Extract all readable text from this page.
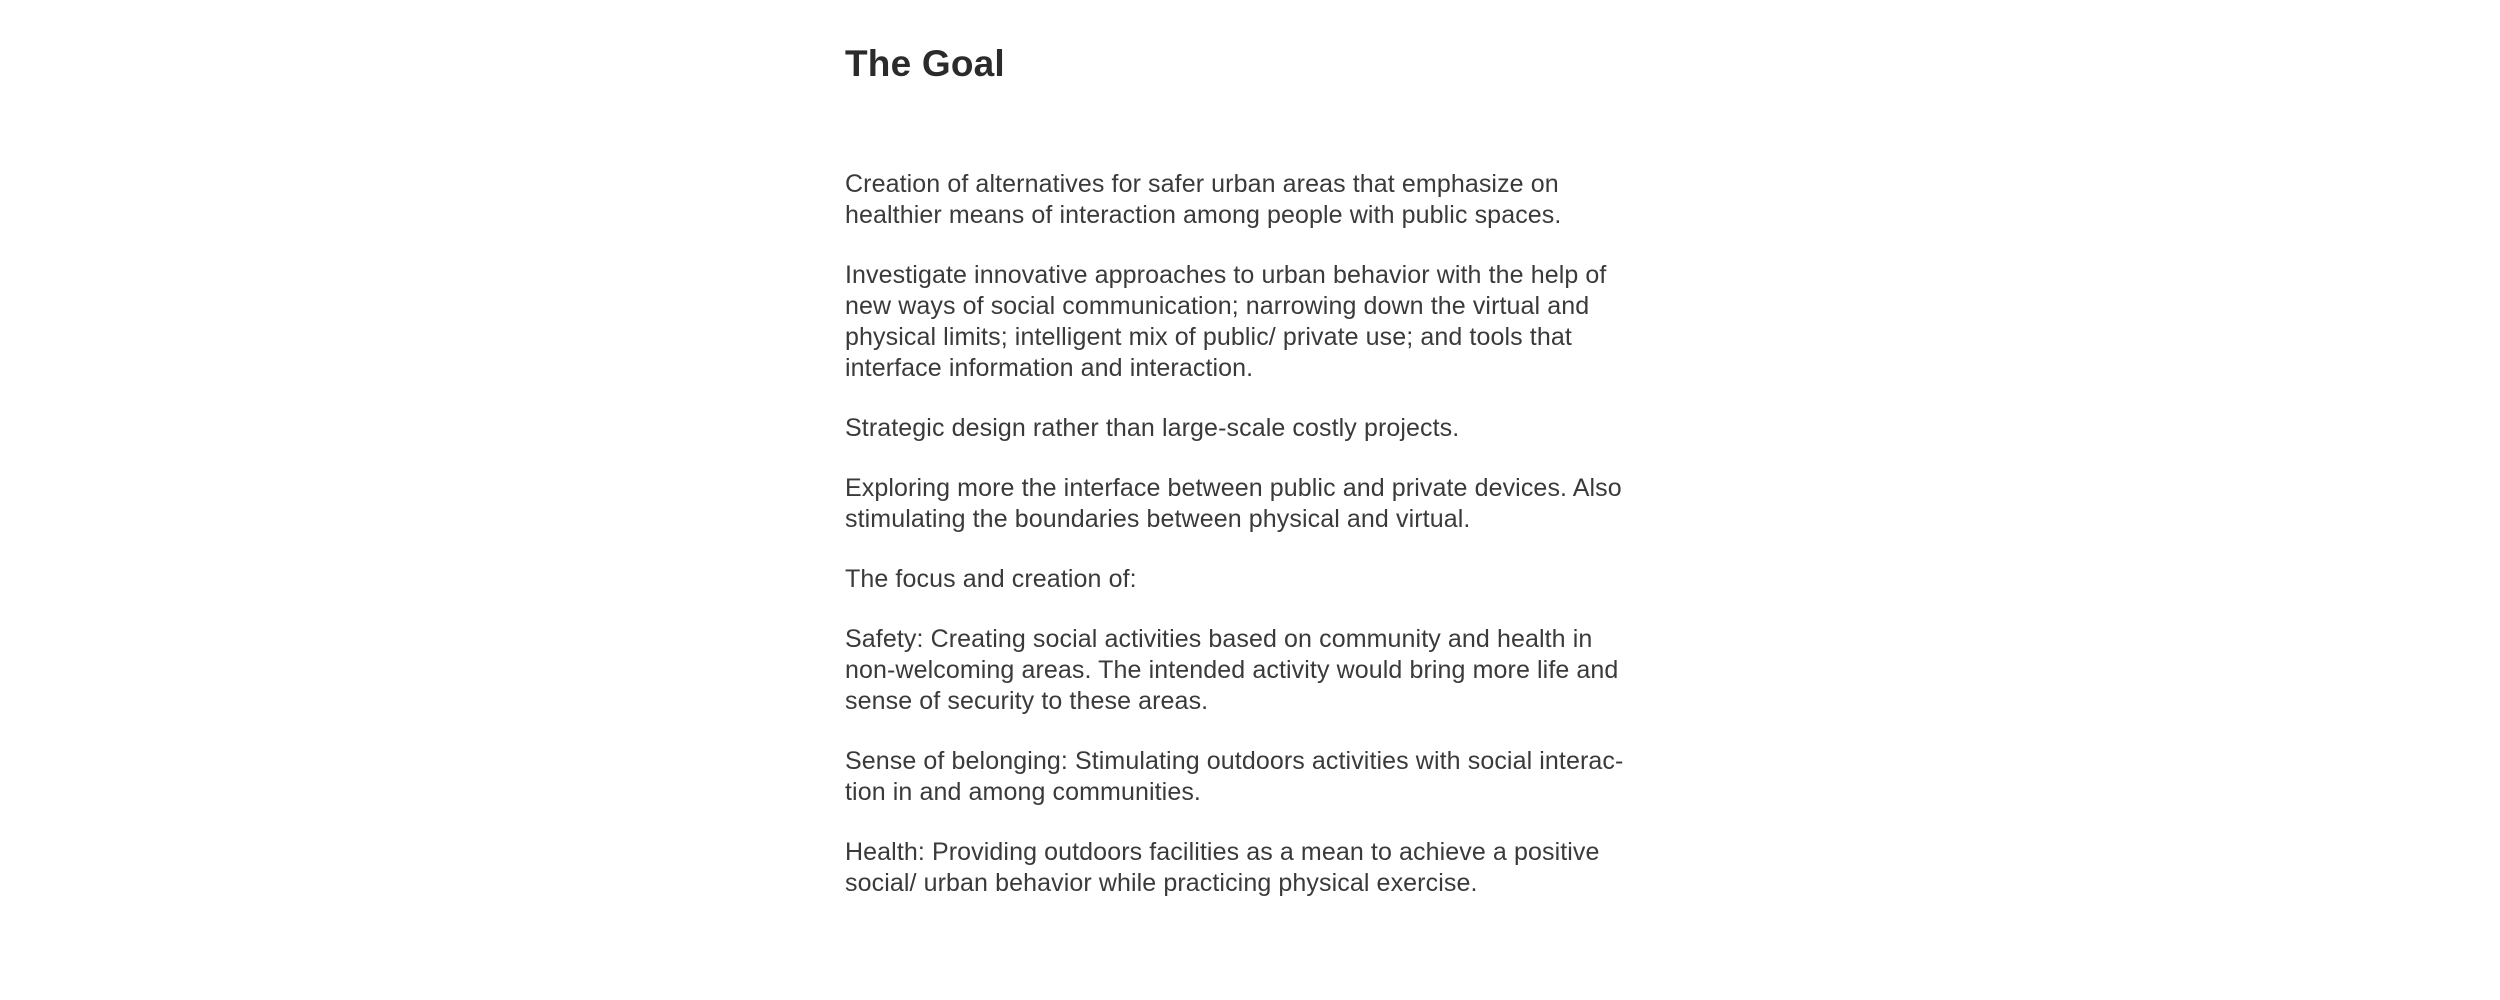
The Goal

Creation of alternatives for safer urban areas that emphasize on
healthier means of interaction among people with public spaces.

Investigate innovative approaches to urban behavior with the help of
new ways of social communication; narrowing down the virtual and
physical limits; intelligent mix of public/ private use; and tools that
interface information and interaction.

Strategic design rather than large-scale costly projects.

Exploring more the interface between public and private devices. Also
stimulating the boundaries between physical and virtual.

The focus and creation of:

Safety: Creating social activities based on community and health in
non-welcoming areas. The intended activity would bring more life and
sense of security to these areas.

Sense of belonging: Stimulating outdoors activities with social interac-
tion in and among communities.

Health: Providing outdoors facilities as a mean to achieve a positive
social/ urban behavior while practicing physical exercise.
